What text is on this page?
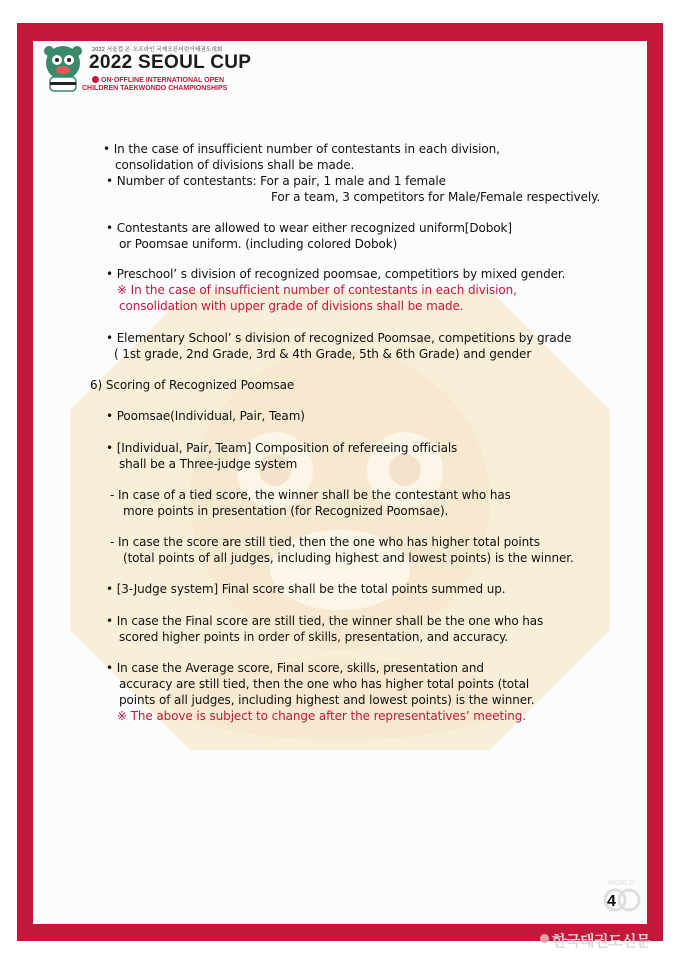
2022 서울컵 온·오프라인 국제오픈어린이태권도대회
2022 SEOUL CUP
ON·OFFLINE INTERNATIONAL OPEN
CHILDREN TAEKWONDO CHAMPIONSHIPS
• In the case of insufficient number of contestants in each division,
consolidation of divisions shall be made.
• Number of contestants: For a pair, 1 male and 1 female
For a team, 3 competitors for Male/Female respectively.
• Contestants are allowed to wear either recognized uniform[Dobok]
or Poomsae uniform. (including colored Dobok)
• Preschool’ s division of recognized poomsae, competitiors by mixed gender.
※ In the case of insufficient number of contestants in each division,
consolidation with upper grade of divisions shall be made.
• Elementary School’ s division of recognized Poomsae, competitions by grade
( 1st grade, 2nd Grade, 3rd & 4th Grade, 5th & 6th Grade) and gender
6) Scoring of Recognized Poomsae
• Poomsae(Individual, Pair, Team)
• [Individual, Pair, Team] Composition of refereeing officials
shall be a Three-judge system
- In case of a tied score, the winner shall be the contestant who has
more points in presentation (for Recognized Poomsae).
- In case the score are still tied, then the one who has higher total points
(total points of all judges, including highest and lowest points) is the winner.
• [3-Judge system] Final score shall be the total points summed up.
• In case the Final score are still tied, the winner shall be the one who has
scored higher points in order of skills, presentation, and accuracy.
• In case the Average score, Final score, skills, presentation and
accuracy are still tied, then the one who has higher total points (total
points of all judges, including highest and lowest points) is the winner.
※ The above is subject to change after the representatives’ meeting.
WORLD
4
한국태권도신문
